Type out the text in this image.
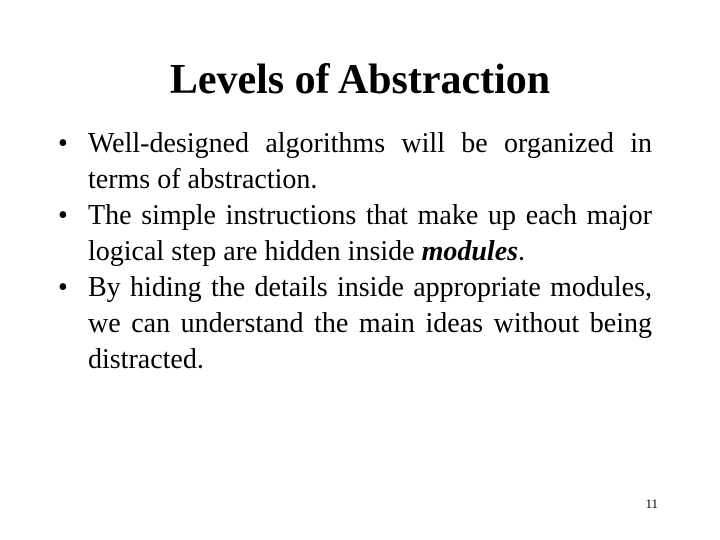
Levels of Abstraction
• Well-designed algorithms will be organized in terms of abstraction.
• The simple instructions that make up each major logical step are hidden inside modules.
• By hiding the details inside appropriate modules, we can understand the main ideas without being distracted.
11
